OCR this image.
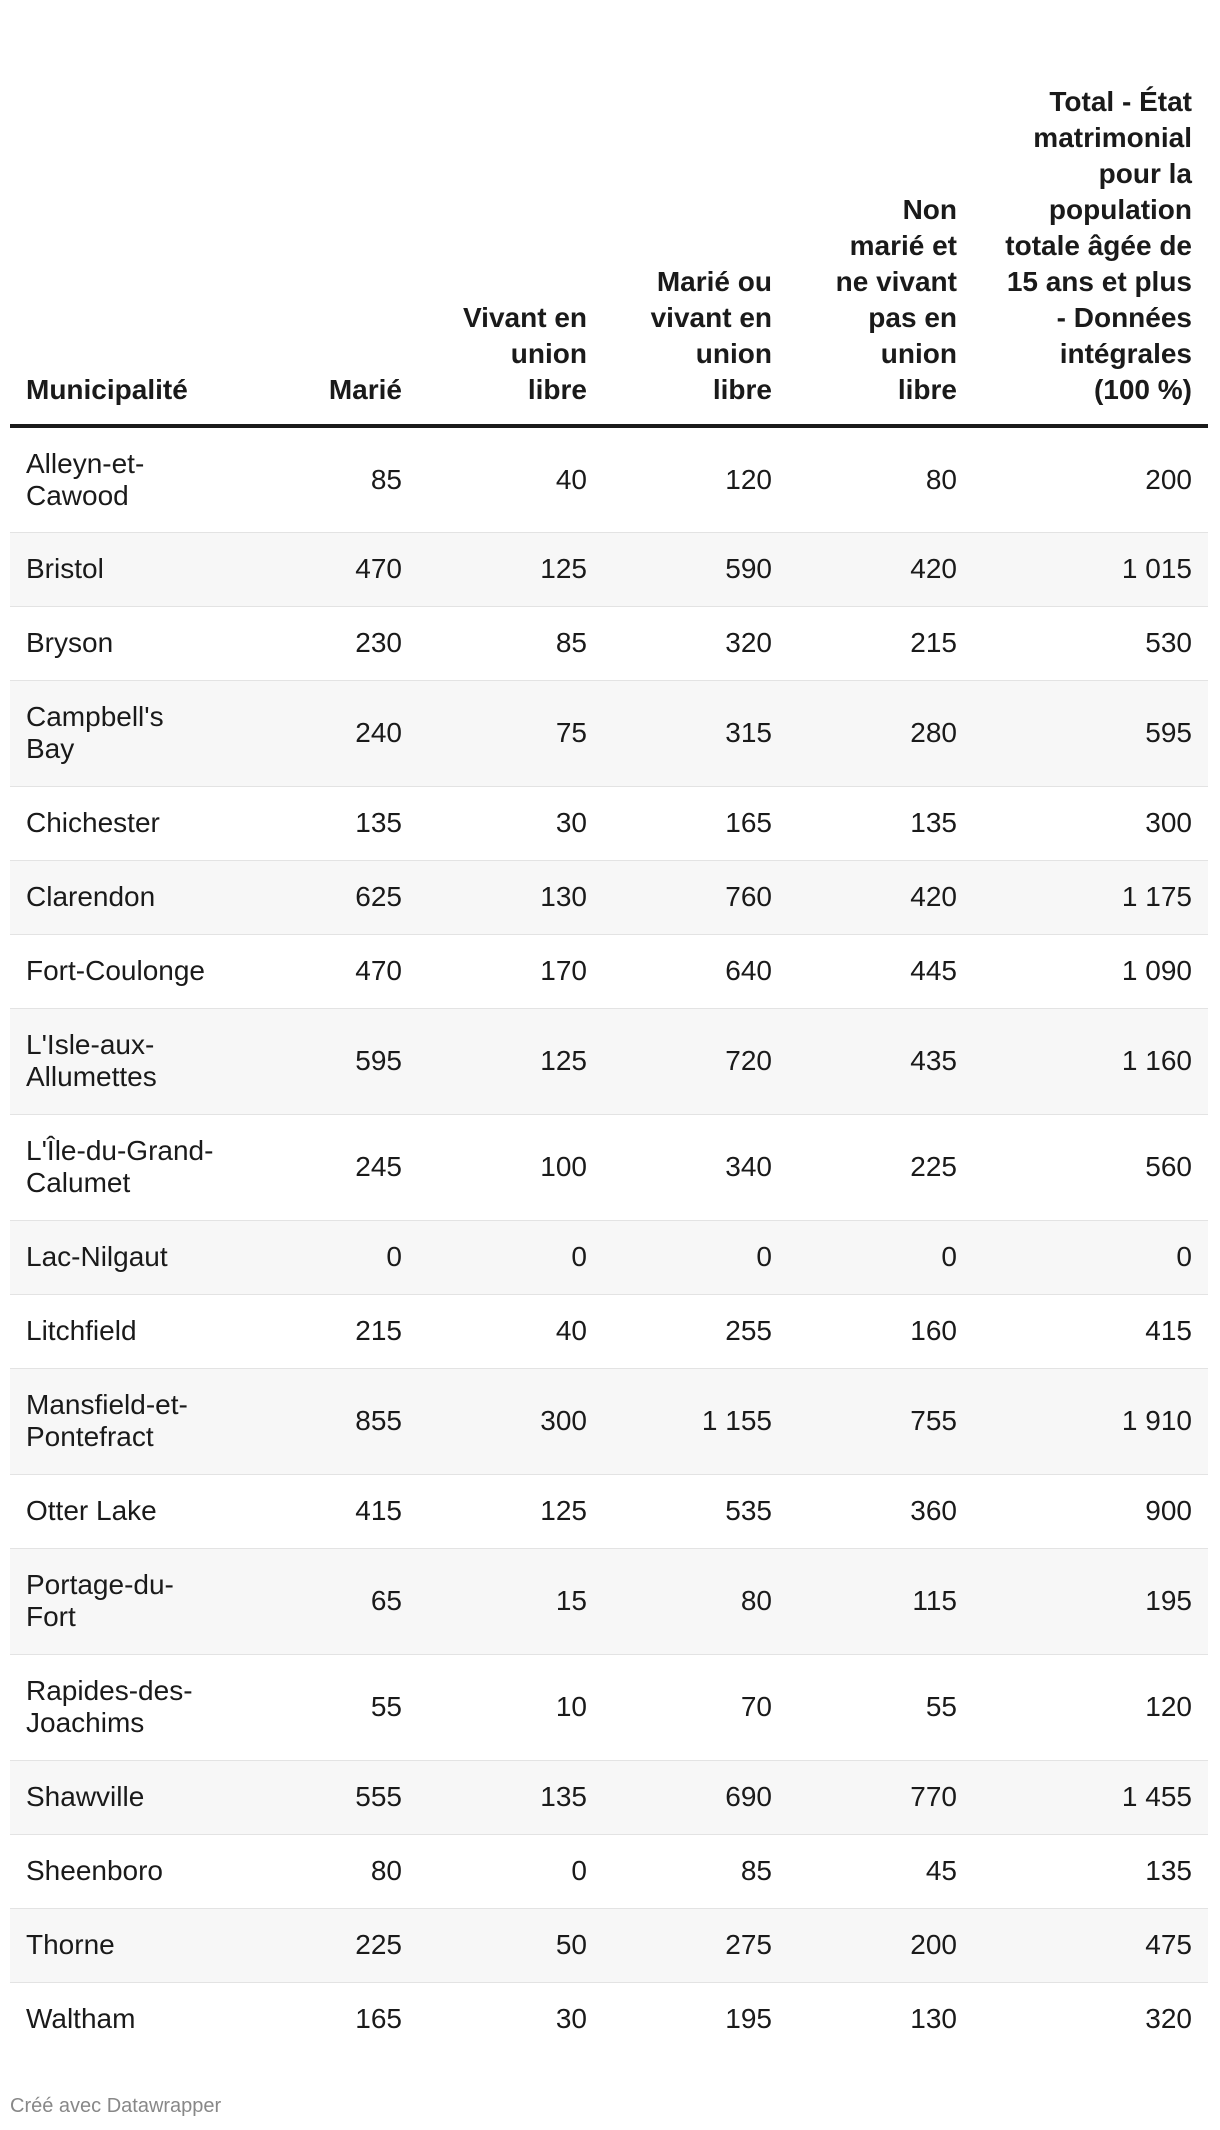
Municipalité	Marié	Vivant en union libre	Marié ou vivant en union libre	Non marié et ne vivant pas en union libre	Total - État matrimonial pour la population totale âgée de 15 ans et plus - Données intégrales (100 %)
Alleyn-et-
Cawood	85	40	120	80	200
Bristol	470	125	590	420	1 015
Bryson	230	85	320	215	530
Campbell's
Bay	240	75	315	280	595
Chichester	135	30	165	135	300
Clarendon	625	130	760	420	1 175
Fort-Coulonge	470	170	640	445	1 090
L'Isle-aux-
Allumettes	595	125	720	435	1 160
L'Île-du-Grand-
Calumet	245	100	340	225	560
Lac-Nilgaut	0	0	0	0	0
Litchfield	215	40	255	160	415
Mansfield-et-
Pontefract	855	300	1 155	755	1 910
Otter Lake	415	125	535	360	900
Portage-du-
Fort	65	15	80	115	195
Rapides-des-
Joachims	55	10	70	55	120
Shawville	555	135	690	770	1 455
Sheenboro	80	0	85	45	135
Thorne	225	50	275	200	475
Waltham	165	30	195	130	320
Créé avec Datawrapper
